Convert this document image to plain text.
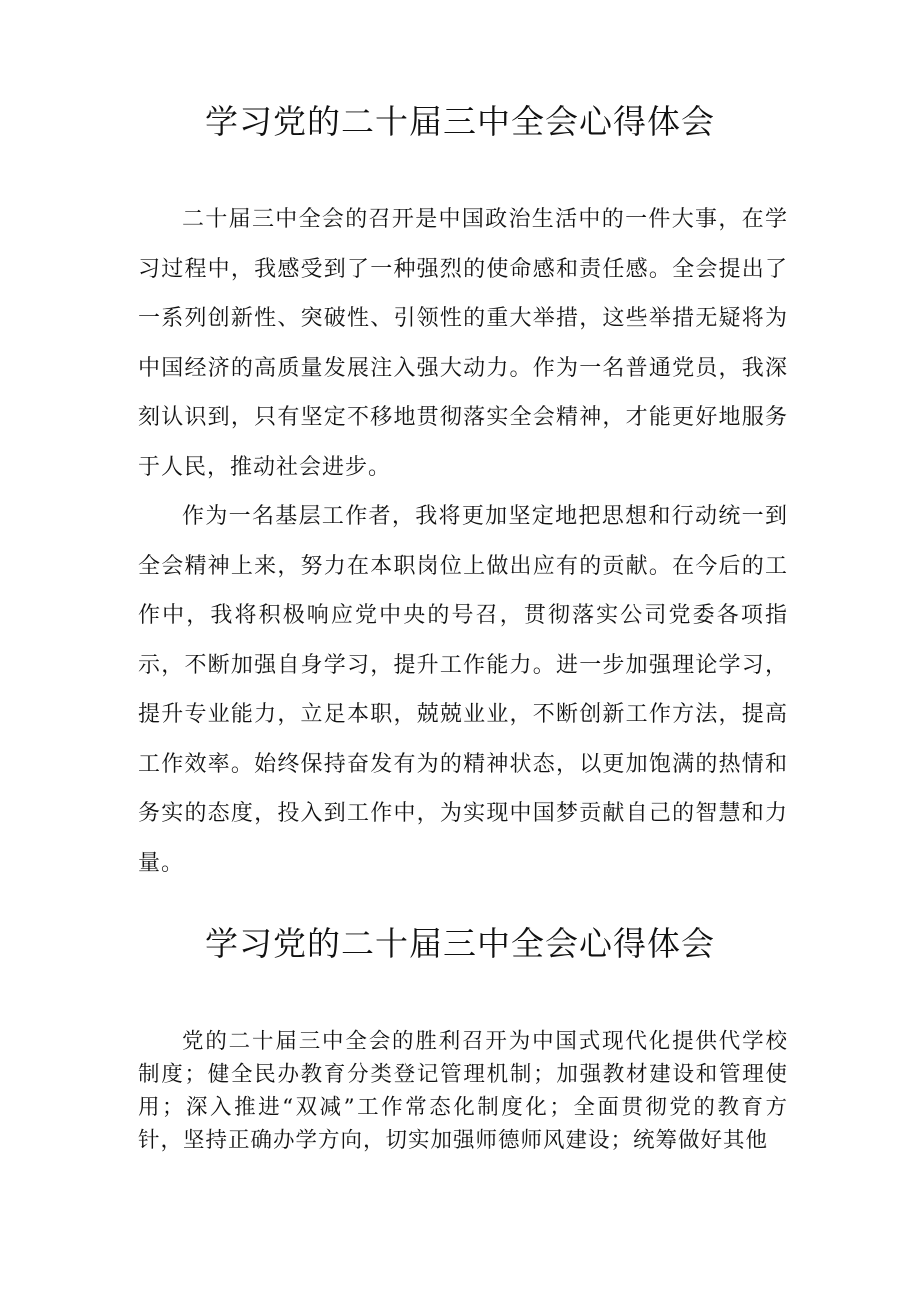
学习党的二十届三中全会心得体会

二十届三中全会的召开是中国政治生活中的一件大事，在学习过程中，我感受到了一种强烈的使命感和责任感。全会提出了一系列创新性、突破性、引领性的重大举措，这些举措无疑将为中国经济的高质量发展注入强大动力。作为一名普通党员，我深刻认识到，只有坚定不移地贯彻落实全会精神，才能更好地服务于人民，推动社会进步。

作为一名基层工作者，我将更加坚定地把思想和行动统一到全会精神上来，努力在本职岗位上做出应有的贡献。在今后的工作中，我将积极响应党中央的号召，贯彻落实公司党委各项指示，不断加强自身学习，提升工作能力。进一步加强理论学习，提升专业能力，立足本职，兢兢业业，不断创新工作方法，提高工作效率。始终保持奋发有为的精神状态，以更加饱满的热情和务实的态度，投入到工作中，为实现中国梦贡献自己的智慧和力量。

学习党的二十届三中全会心得体会

党的二十届三中全会的胜利召开为中国式现代化提供代学校制度；健全民办教育分类登记管理机制；加强教材建设和管理使用；深入推进“双减”工作常态化制度化；全面贯彻党的教育方针，坚持正确办学方向，切实加强师德师风建设；统筹做好其他
